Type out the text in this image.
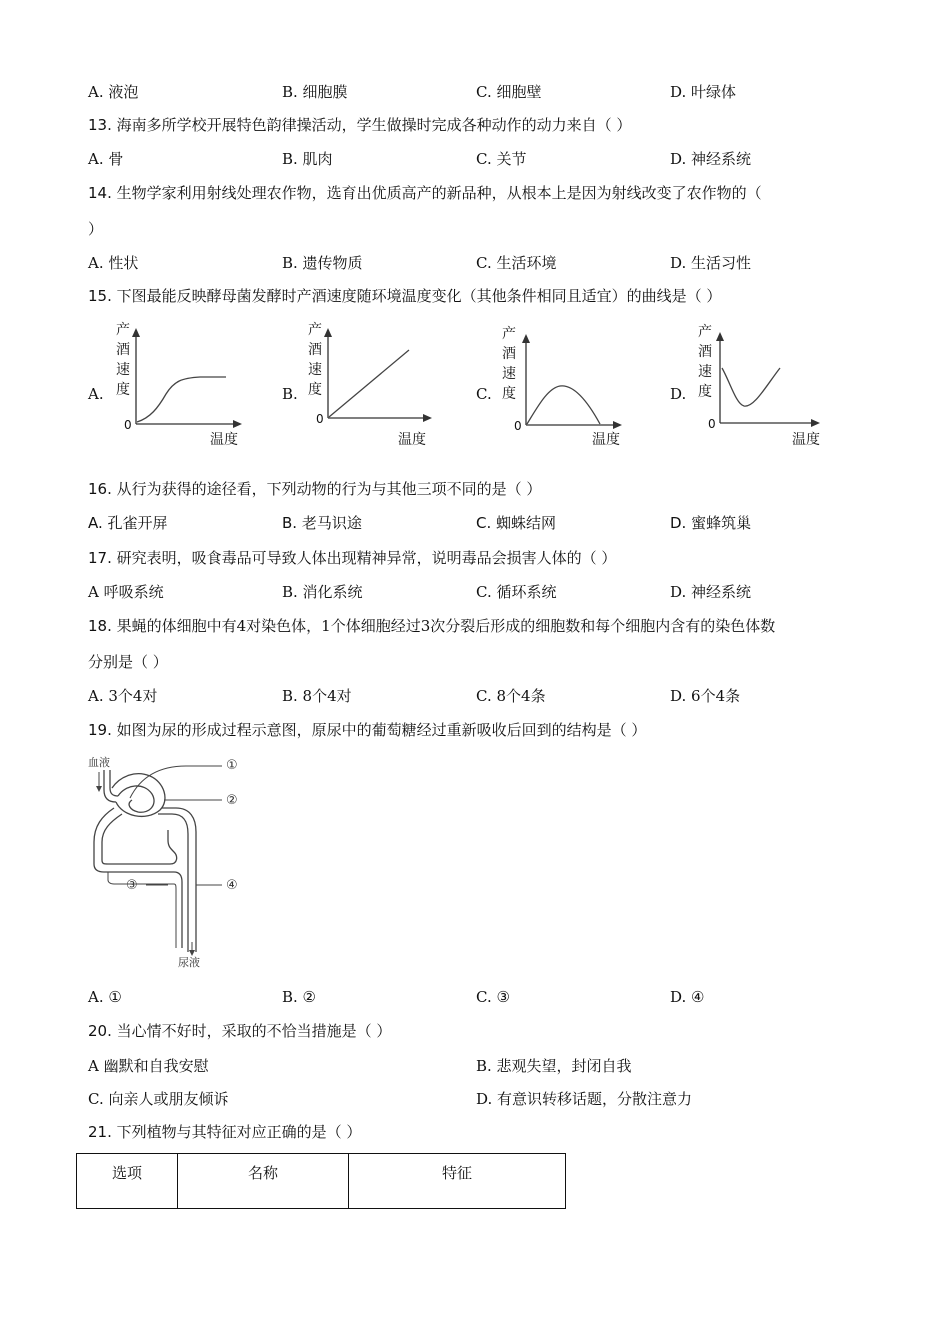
A. 液泡	B. 细胞膜	C. 细胞壁	D. 叶绿体
13. 海南多所学校开展特色韵律操活动，学生做操时完成各种动作的动力来自（ ）
A. 骨	B. 肌肉	C. 关节	D. 神经系统
14. 生物学家利用射线处理农作物，选育出优质高产的新品种，从根本上是因为射线改变了农作物的（
）
A. 性状	B. 遗传物质	C. 生活环境	D. 生活习性
15. 下图最能反映酵母菌发酵时产酒速度随环境温度变化（其他条件相同且适宜）的曲线是（ ）
A.	B.	C.	D.
产
酒
速
度
0
温度
产
酒
速
度
0
温度
产
酒
速
度
0
温度
产
酒
速
度
0
温度
16. 从行为获得的途径看，下列动物的行为与其他三项不同的是（ ）
A. 孔雀开屏	B. 老马识途	C. 蜘蛛结网	D. 蜜蜂筑巢
17. 研究表明，吸食毒品可导致人体出现精神异常，说明毒品会损害人体的（ ）
A 呼吸系统	B. 消化系统	C. 循环系统	D. 神经系统
18. 果蝇的体细胞中有4对染色体，1个体细胞经过3次分裂后形成的细胞数和每个细胞内含有的染色体数
分别是（ ）
A. 3个4对	B. 8个4对	C. 8个4条	D. 6个4条
19. 如图为尿的形成过程示意图，原尿中的葡萄糖经过重新吸收后回到的结构是（ ）
血液
尿液
①
②
③	④
A. ①	B. ②	C. ③	D. ④
20. 当心情不好时，采取的不恰当措施是（ ）
A 幽默和自我安慰	B. 悲观失望，封闭自我
C. 向亲人或朋友倾诉	D. 有意识转移话题，分散注意力
21. 下列植物与其特征对应正确的是（ ）
选项	名称	特征
